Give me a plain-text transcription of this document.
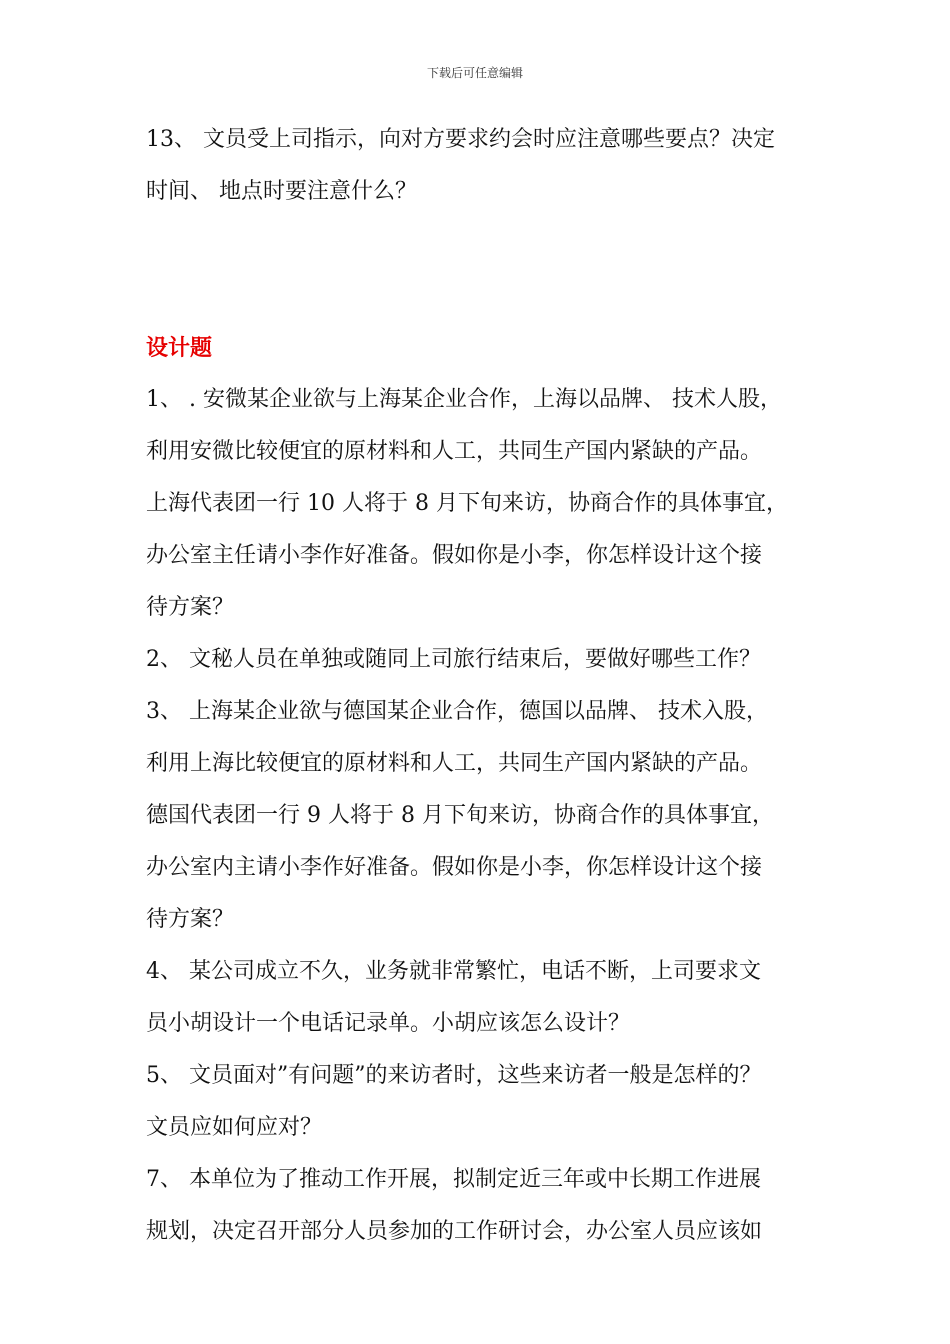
下载后可任意编辑

13、 文员受上司指示，向对方要求约会时应注意哪些要点？决定

时间、 地点时要注意什么？

设计题

1、 . 安微某企业欲与上海某企业合作，上海以品牌、 技术人股，

利用安微比较便宜的原材料和人工，共同生产国内紧缺的产品。

上海代表团一行 10 人将于 8 月下旬来访，协商合作的具体事宜，

办公室主任请小李作好准备。假如你是小李，你怎样设计这个接

待方案？

2、 文秘人员在单独或随同上司旅行结束后，要做好哪些工作？

3、 上海某企业欲与德国某企业合作，德国以品牌、 技术入股，

利用上海比较便宜的原材料和人工，共同生产国内紧缺的产品。

德国代表团一行 9 人将于 8 月下旬来访，协商合作的具体事宜，

办公室内主请小李作好准备。假如你是小李，你怎样设计这个接

待方案？

4、 某公司成立不久，业务就非常繁忙，电话不断，上司要求文

员小胡设计一个电话记录单。小胡应该怎么设计？

5、 文员面对”有问题”的来访者时，这些来访者一般是怎样的？

文员应如何应对？

7、 本单位为了推动工作开展，拟制定近三年或中长期工作进展

规划，决定召开部分人员参加的工作研讨会，办公室人员应该如
